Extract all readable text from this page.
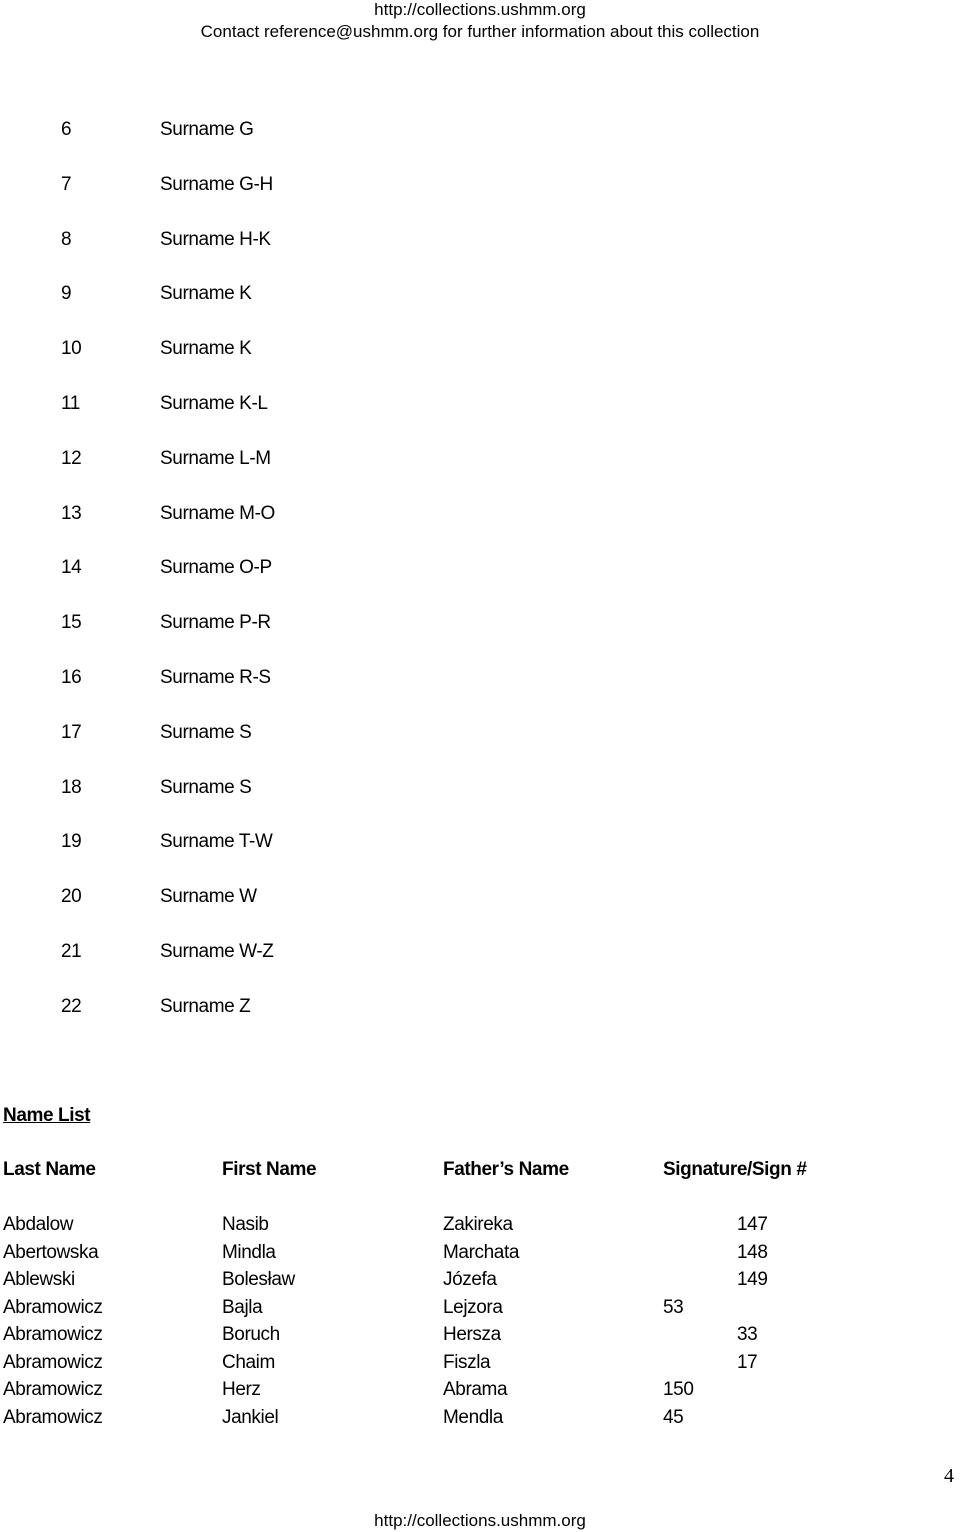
http://collections.ushmm.org
Contact reference@ushmm.org for further information about this collection
6	Surname G
7	Surname G-H
8	Surname H-K
9	Surname K
10	Surname K
11	Surname K-L
12	Surname L-M
13	Surname M-O
14	Surname O-P
15	Surname P-R
16	Surname R-S
17	Surname S
18	Surname S
19	Surname T-W
20	Surname W
21	Surname W-Z
22	Surname Z
Name List
Last Name	First Name	Father’s Name	Signature/Sign #
Abdalow	Nasib	Zakireka	147
Abertowska	Mindla	Marchata	148
Ablewski	Bolesław	Józefa	149
Abramowicz	Bajla	Lejzora	53
Abramowicz	Boruch	Hersza	33
Abramowicz	Chaim	Fiszla	17
Abramowicz	Herz	Abrama	150
Abramowicz	Jankiel	Mendla	45
4
http://collections.ushmm.org
